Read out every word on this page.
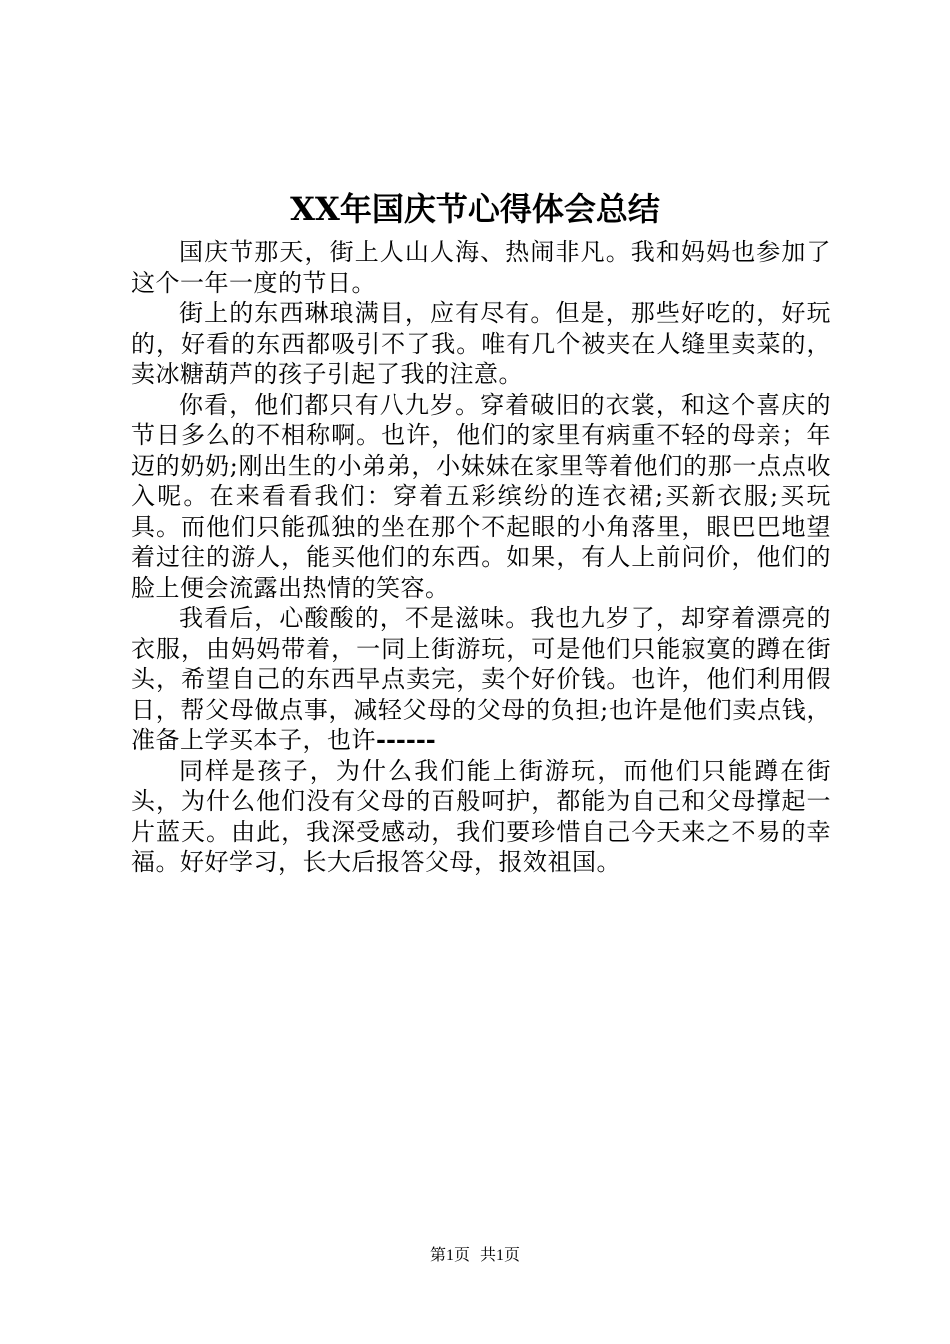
XX年国庆节心得体会总结

国庆节那天，街上人山人海、热闹非凡。我和妈妈也参加了这个一年一度的节日。

街上的东西琳琅满目，应有尽有。但是，那些好吃的，好玩的，好看的东西都吸引不了我。唯有几个被夹在人缝里卖菜的，卖冰糖葫芦的孩子引起了我的注意。

你看，他们都只有八九岁。穿着破旧的衣裳，和这个喜庆的节日多么的不相称啊。也许，他们的家里有病重不轻的母亲；年迈的奶奶;刚出生的小弟弟，小妹妹在家里等着他们的那一点点收入呢。在来看看我们：穿着五彩缤纷的连衣裙;买新衣服;买玩具。而他们只能孤独的坐在那个不起眼的小角落里，眼巴巴地望着过往的游人，能买他们的东西。如果，有人上前问价，他们的脸上便会流露出热情的笑容。

我看后，心酸酸的，不是滋味。我也九岁了，却穿着漂亮的衣服，由妈妈带着，一同上街游玩，可是他们只能寂寞的蹲在街头，希望自己的东西早点卖完，卖个好价钱。也许，他们利用假日，帮父母做点事，减轻父母的父母的负担;也许是他们卖点钱，准备上学买本子，也许------

同样是孩子，为什么我们能上街游玩，而他们只能蹲在街头，为什么他们没有父母的百般呵护，都能为自己和父母撑起一片蓝天。由此，我深受感动，我们要珍惜自己今天来之不易的幸福。好好学习，长大后报答父母，报效祖国。

第1页 共1页
